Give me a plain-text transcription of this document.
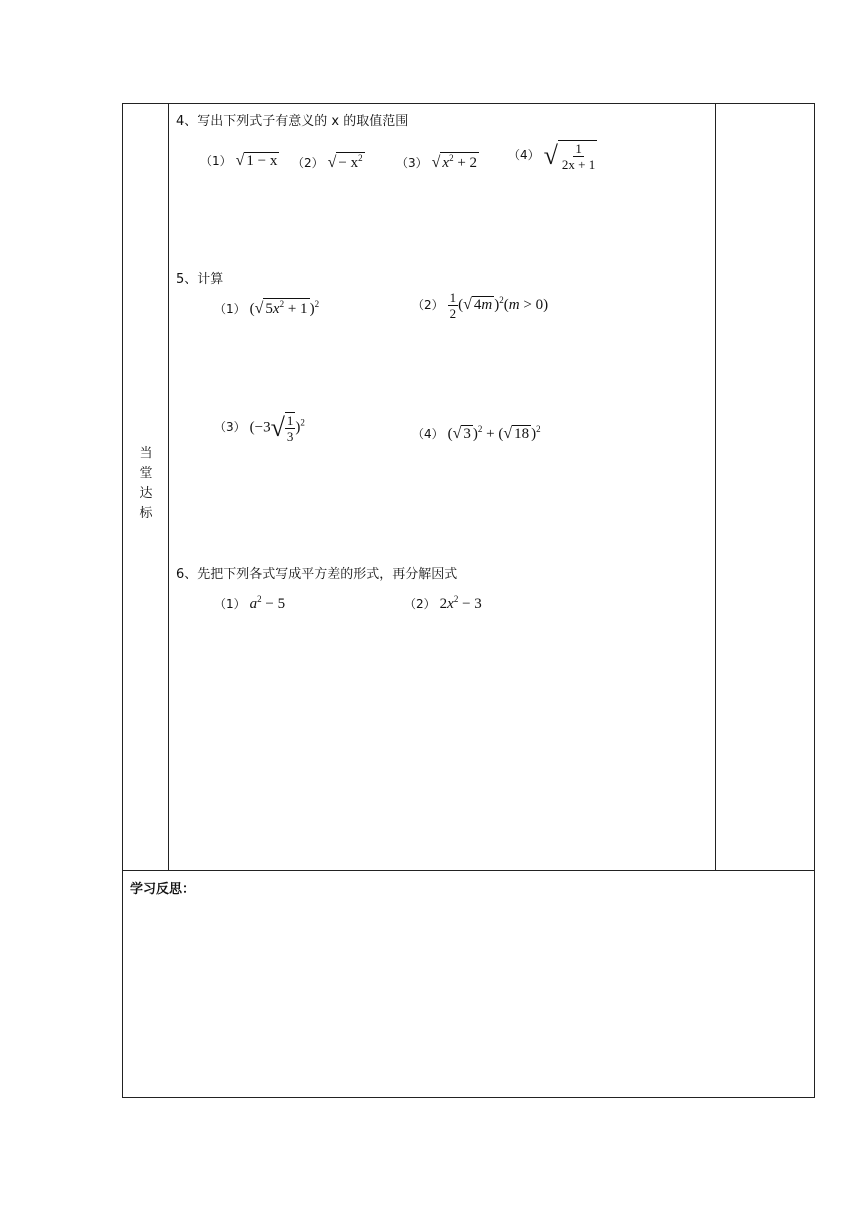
当
堂
达
标
4、写出下列式子有意义的 x 的取值范围
（1） √ 1 − x （2） √ − $x^2$	（3） √ $x^2 + 2$	（4） √ $\frac{1}{2x + 1}$
5、计算
（1） (√ $5x^2 + 1$ )$^2$	$(2) \frac{1}{2}$ (√ 4m )$^2$(m > 0)
（3） $(-3√ \frac{1}{3} )^2$
（4） (√ 3 )$^2$ + (√ 18 )$^2$
6、先把下列各式写成平方差的形式，再分解因式
（1） $a^2 - 5$	（2） $2x^2 - 3$
学习反思：
